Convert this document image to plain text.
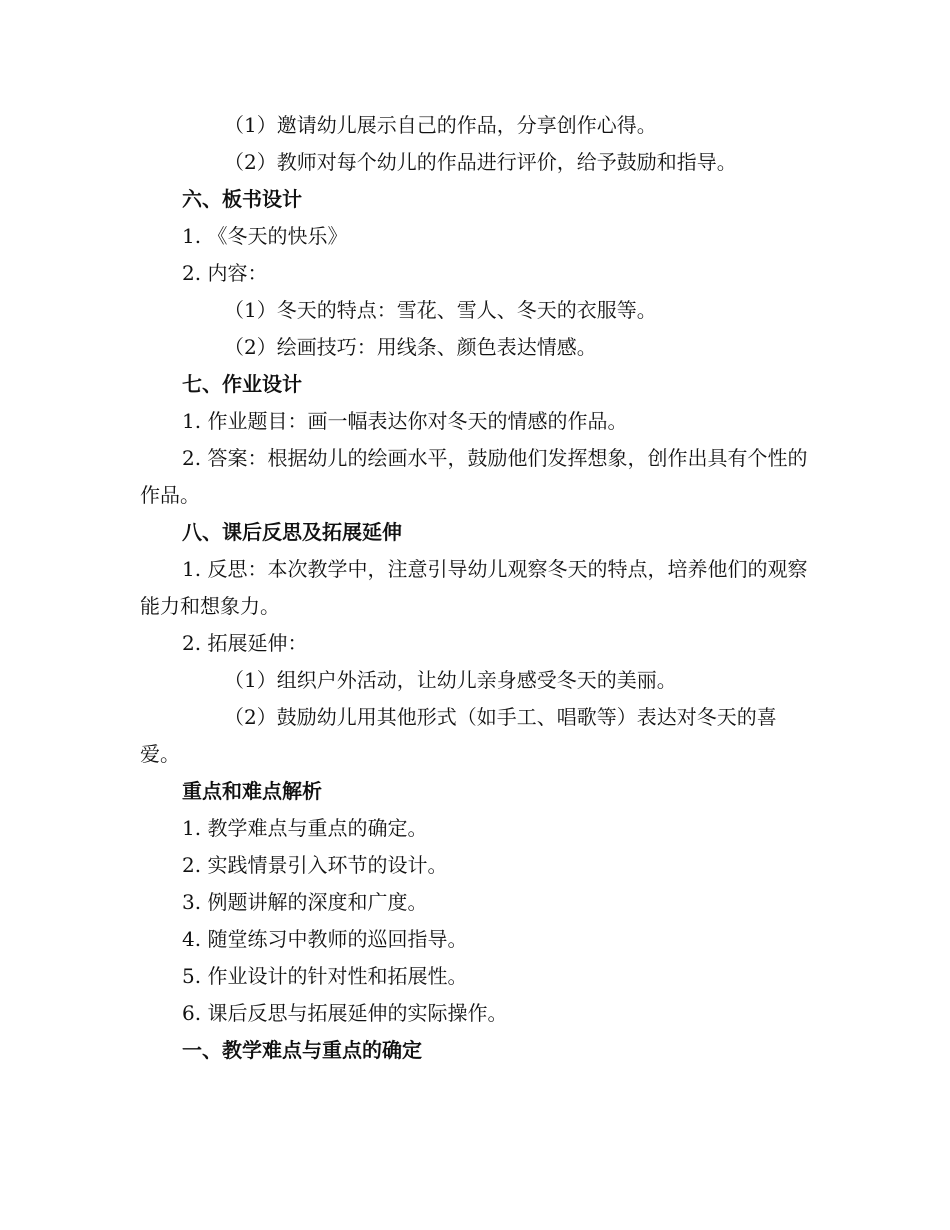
（1）邀请幼儿展示自己的作品，分享创作心得。

（2）教师对每个幼儿的作品进行评价，给予鼓励和指导。

六、板书设计

1. 《冬天的快乐》

2. 内容：

（1）冬天的特点：雪花、雪人、冬天的衣服等。

（2）绘画技巧：用线条、颜色表达情感。

七、作业设计

1. 作业题目：画一幅表达你对冬天的情感的作品。

2. 答案：根据幼儿的绘画水平，鼓励他们发挥想象，创作出具有个性的作品。

八、课后反思及拓展延伸

1. 反思：本次教学中，注意引导幼儿观察冬天的特点，培养他们的观察能力和想象力。

2. 拓展延伸：

（1）组织户外活动，让幼儿亲身感受冬天的美丽。

（2）鼓励幼儿用其他形式（如手工、唱歌等）表达对冬天的喜爱。

重点和难点解析

1. 教学难点与重点的确定。

2. 实践情景引入环节的设计。

3. 例题讲解的深度和广度。

4. 随堂练习中教师的巡回指导。

5. 作业设计的针对性和拓展性。

6. 课后反思与拓展延伸的实际操作。

一、教学难点与重点的确定
